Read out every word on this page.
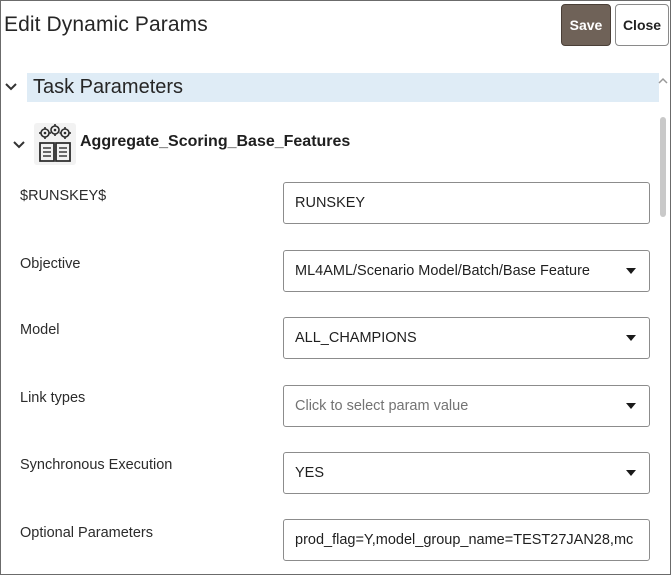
Edit Dynamic Params	Save	Close
Task Parameters
Aggregate_Scoring_Base_Features
$RUNSKEY$	RUNSKEY
Objective	ML4AML/Scenario Model/Batch/Base Feature
Model	ALL_CHAMPIONS
Link types	Click to select param value
Synchronous Execution	YES
Optional Parameters	prod_flag=Y,model_group_name=TEST27JAN28,mc
